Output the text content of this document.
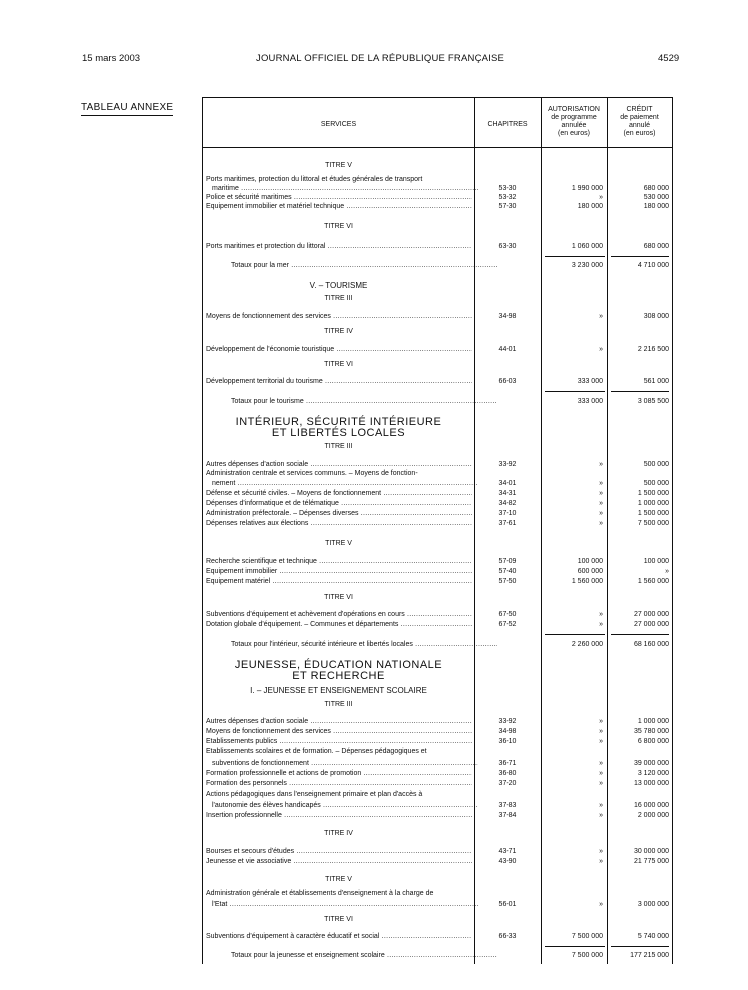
15 mars 2003	JOURNAL OFFICIEL DE LA RÉPUBLIQUE FRANÇAISE	4529
TABLEAU ANNEXE
SERVICES	CHAPITRES
AUTORISATION
de programme
annulée
(en euros)
CRÉDIT
de paiement
annulé
(en euros)
TITRE V
Ports maritimes, protection du littoral et études générales de transport
maritime .....	53-30	1 990 000	680 000
Police et sécurité maritimes .....	53-32	»	530 000
Equipement immobilier et matériel technique .....	57-30	180 000	180 000
TITRE VI
Ports maritimes et protection du littoral .....	63-30	1 060 000	680 000
Totaux pour la mer .....	3 230 000	4 710 000
V. – TOURISME
TITRE III
Moyens de fonctionnement des services .....	34-98	»	308 000
TITRE IV
Développement de l'économie touristique .....	44-01	»	2 216 500
TITRE VI
Développement territorial du tourisme .....	66-03	333 000	561 000
Totaux pour le tourisme .....	333 000	3 085 500
INTÉRIEUR, SÉCURITÉ INTÉRIEURE
ET LIBERTÉS LOCALES
TITRE III
Autres dépenses d'action sociale .....	33-92	»	500 000
Administration centrale et services communs. – Moyens de fonction-
nement .....	34-01	»	500 000
Défense et sécurité civiles. – Moyens de fonctionnement .....	34-31	»	1 500 000
Dépenses d'informatique et de télématique .....	34-82	»	1 000 000
Administration préfectorale. – Dépenses diverses .....	37-10	»	1 500 000
Dépenses relatives aux élections .....	37-61	»	7 500 000
TITRE V
Recherche scientifique et technique .....	57-09	100 000	100 000
Equipement immobilier .....	57-40	600 000	»
Equipement matériel .....	57-50	1 560 000	1 560 000
TITRE VI
Subventions d'équipement et achèvement d'opérations en cours .....	67-50	»	27 000 000
Dotation globale d'équipement. – Communes et départements .....	67-52	»	27 000 000
Totaux pour l'intérieur, sécurité intérieure et libertés locales .....	2 260 000	68 160 000
JEUNESSE, ÉDUCATION NATIONALE
ET RECHERCHE
I. – JEUNESSE ET ENSEIGNEMENT SCOLAIRE
TITRE III
Autres dépenses d'action sociale .....	33-92	»	1 000 000
Moyens de fonctionnement des services .....	34-98	»	35 780 000
Etablissements publics .....	36-10	»	6 800 000
Etablissements scolaires et de formation. – Dépenses pédagogiques et
subventions de fonctionnement .....	36-71	»	39 000 000
Formation professionnelle et actions de promotion .....	36-80	»	3 120 000
Formation des personnels .....	37-20	»	13 000 000
Actions pédagogiques dans l'enseignement primaire et plan d'accès à
l'autonomie des élèves handicapés .....	37-83	»	16 000 000
Insertion professionnelle .....	37-84	»	2 000 000
TITRE IV
Bourses et secours d'études .....	43-71	»	30 000 000
Jeunesse et vie associative .....	43-90	»	21 775 000
TITRE V
Administration générale et établissements d'enseignement à la charge de
l'Etat .....	56-01	»	3 000 000
TITRE VI
Subventions d'équipement à caractère éducatif et social .....	66-33	7 500 000	5 740 000
Totaux pour la jeunesse et enseignement scolaire .....	7 500 000	177 215 000
